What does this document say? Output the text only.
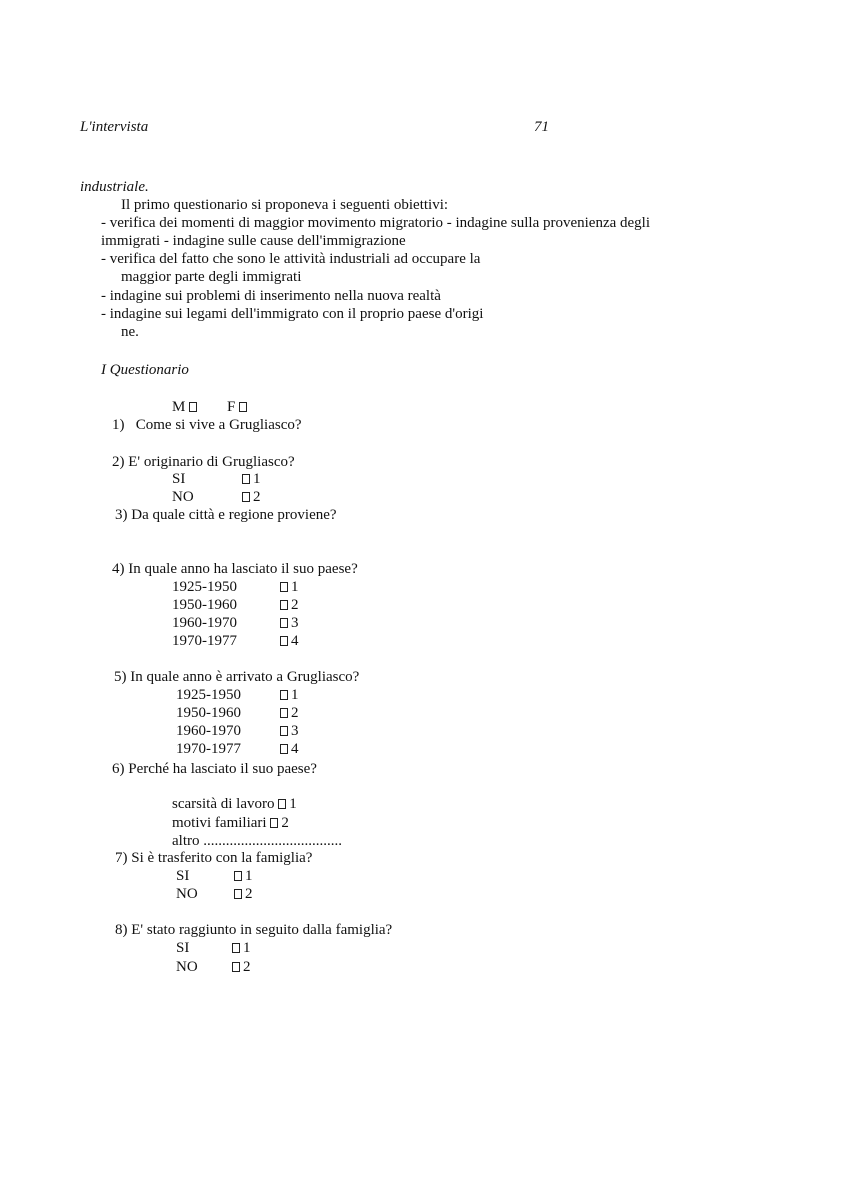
L'intervista	71
industriale.
Il primo questionario si proponeva i seguenti obiettivi:
- verifica dei momenti di maggior movimento migratorio - indagine sulla provenienza degli
immigrati - indagine sulle cause dell'immigrazione
- verifica del fatto che sono le attività industriali ad occupare la
maggior parte degli immigrati
- indagine sui problemi di inserimento nella nuova realtà
- indagine sui legami dell'immigrato con il proprio paese d'origi
ne.
I Questionario
M	F
1)   Come si vive a Grugliasco?
2) E' originario di Grugliasco?
SI	1
NO	2
3) Da quale città e regione proviene?
4) In quale anno ha lasciato il suo paese?
1925-1950	1
1950-1960	2
1960-1970	3
1970-1977	4
5) In quale anno è arrivato a Grugliasco?
1925-1950	1
1950-1960	2
1960-1970	3
1970-1977	4
6) Perché ha lasciato il suo paese?
scarsità di lavoro 1
motivi familiari 2
altro .....................................
7) Si è trasferito con la famiglia?
SI	1
NO	2
8) E' stato raggiunto in seguito dalla famiglia?
SI	1
NO	2
